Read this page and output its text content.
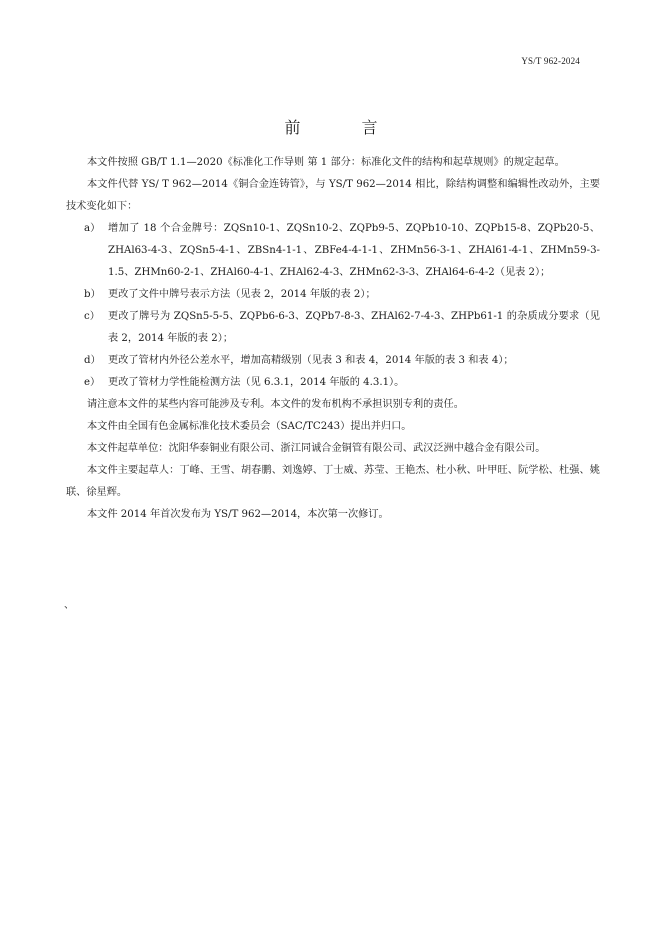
YS/T 962-2024
前 言

本文件按照 GB/T 1.1—2020《标准化工作导则 第 1 部分：标准化文件的结构和起草规则》的规定起草。

本文件代替 YS/ T 962—2014《铜合金连铸管》，与 YS/T 962—2014 相比，除结构调整和编辑性改动外，主要技术变化如下：

a） 增加了 18 个合金牌号：ZQSn10-1、ZQSn10-2、ZQPb9-5、ZQPb10-10、ZQPb15-8、ZQPb20-5、ZHAl63-4-3、ZQSn5-4-1、ZBSn4-1-1、ZBFe4-4-1-1、ZHMn56-3-1、ZHAl61-4-1、ZHMn59-3-1.5、ZHMn60-2-1、ZHAl60-4-1、ZHAl62-4-3、ZHMn62-3-3、ZHAl64-6-4-2（见表 2）；
b） 更改了文件中牌号表示方法（见表 2，2014 年版的表 2）；
c） 更改了牌号为 ZQSn5-5-5、ZQPb6-6-3、ZQPb7-8-3、ZHAl62-7-4-3、ZHPb61-1 的杂质成分要求（见表 2，2014 年版的表 2）；
d） 更改了管材内外径公差水平，增加高精级别（见表 3 和表 4，2014 年版的表 3 和表 4）；
e） 更改了管材力学性能检测方法（见 6.3.1，2014 年版的 4.3.1）。

请注意本文件的某些内容可能涉及专利。本文件的发布机构不承担识别专利的责任。

本文件由全国有色金属标准化技术委员会（SAC/TC243）提出并归口。

本文件起草单位：沈阳华泰铜业有限公司、浙江同诚合金铜管有限公司、武汉泛洲中越合金有限公司。

本文件主要起草人：丁峰、王雪、胡春鹏、刘逸婷、丁士威、苏莹、王艳杰、杜小秋、叶甲旺、阮学松、杜强、姚联、徐星辉。

本文件 2014 年首次发布为 YS/T 962—2014，本次第一次修订。

、
